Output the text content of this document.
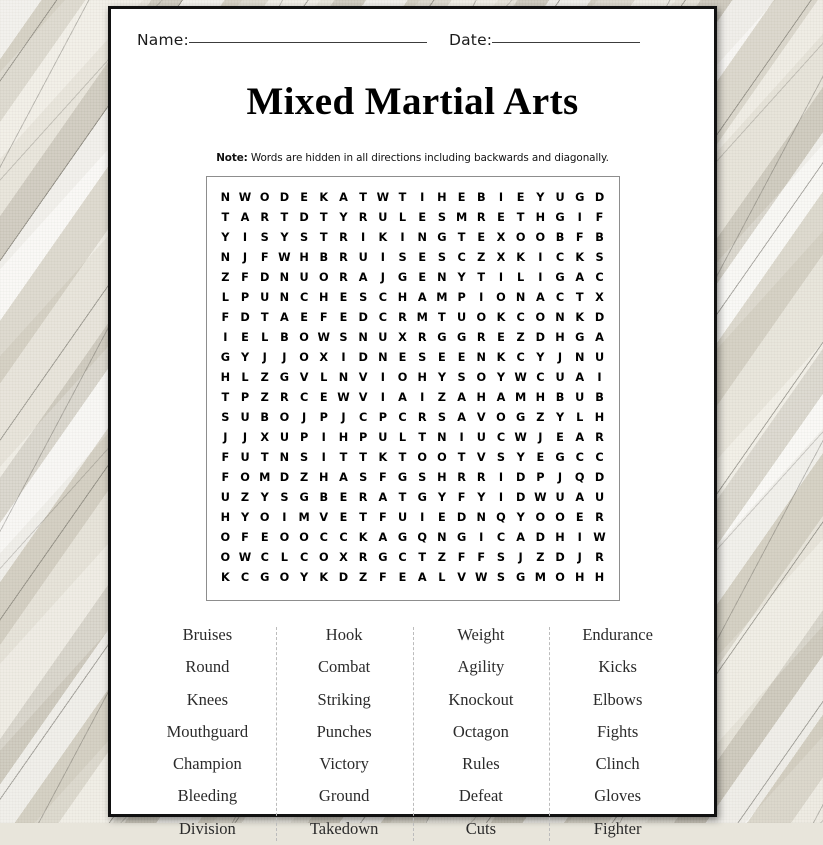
Name:	Date:
Mixed Martial Arts
Note: Words are hidden in all directions including backwards and diagonally.
N	W	O	D	E	K	A	T	W	T	I	H	E	B	I	E	Y	U	G	D
T	A	R	T	D	T	Y	R	U	L	E	S	M	R	E	T	H	G	I	F
Y	I	S	Y	S	T	R	I	K	I	N	G	T	E	X	O	O	B	F	B
N	J	F	W	H	B	R	U	I	S	E	S	C	Z	X	K	I	C	K	S
Z	F	D	N	U	O	R	A	J	G	E	N	Y	T	I	L	I	G	A	C
L	P	U	N	C	H	E	S	C	H	A	M	P	I	O	N	A	C	T	X
F	D	T	A	E	F	E	D	C	R	M	T	U	O	K	C	O	N	K	D
I	E	L	B	O	W	S	N	U	X	R	G	G	R	E	Z	D	H	G	A
G	Y	J	J	O	X	I	D	N	E	S	E	E	N	K	C	Y	J	N	U
H	L	Z	G	V	L	N	V	I	O	H	Y	S	O	Y	W	C	U	A	I
T	P	Z	R	C	E	W	V	I	A	I	Z	A	H	A	M	H	B	U	B
S	U	B	O	J	P	J	C	P	C	R	S	A	V	O	G	Z	Y	L	H
J	J	X	U	P	I	H	P	U	L	T	N	I	U	C	W	J	E	A	R
F	U	T	N	S	I	T	T	K	T	O	O	T	V	S	Y	E	G	C	C
F	O	M	D	Z	H	A	S	F	G	S	H	R	R	I	D	P	J	Q	D
U	Z	Y	S	G	B	E	R	A	T	G	Y	F	Y	I	D	W	U	A	U
H	Y	O	I	M	V	E	T	F	U	I	E	D	N	Q	Y	O	O	E	R
O	F	E	O	O	C	C	K	A	G	Q	N	G	I	C	A	D	H	I	W
O	W	C	L	C	O	X	R	G	C	T	Z	F	F	S	J	Z	D	J	R
K	C	G	O	Y	K	D	Z	F	E	A	L	V	W	S	G	M	O	H	H
Bruises
Round
Knees
Mouthguard
Champion
Bleeding
Division
Hook
Combat
Striking
Punches
Victory
Ground
Takedown
Weight
Agility
Knockout
Octagon
Rules
Defeat
Cuts
Endurance
Kicks
Elbows
Fights
Clinch
Gloves
Fighter
